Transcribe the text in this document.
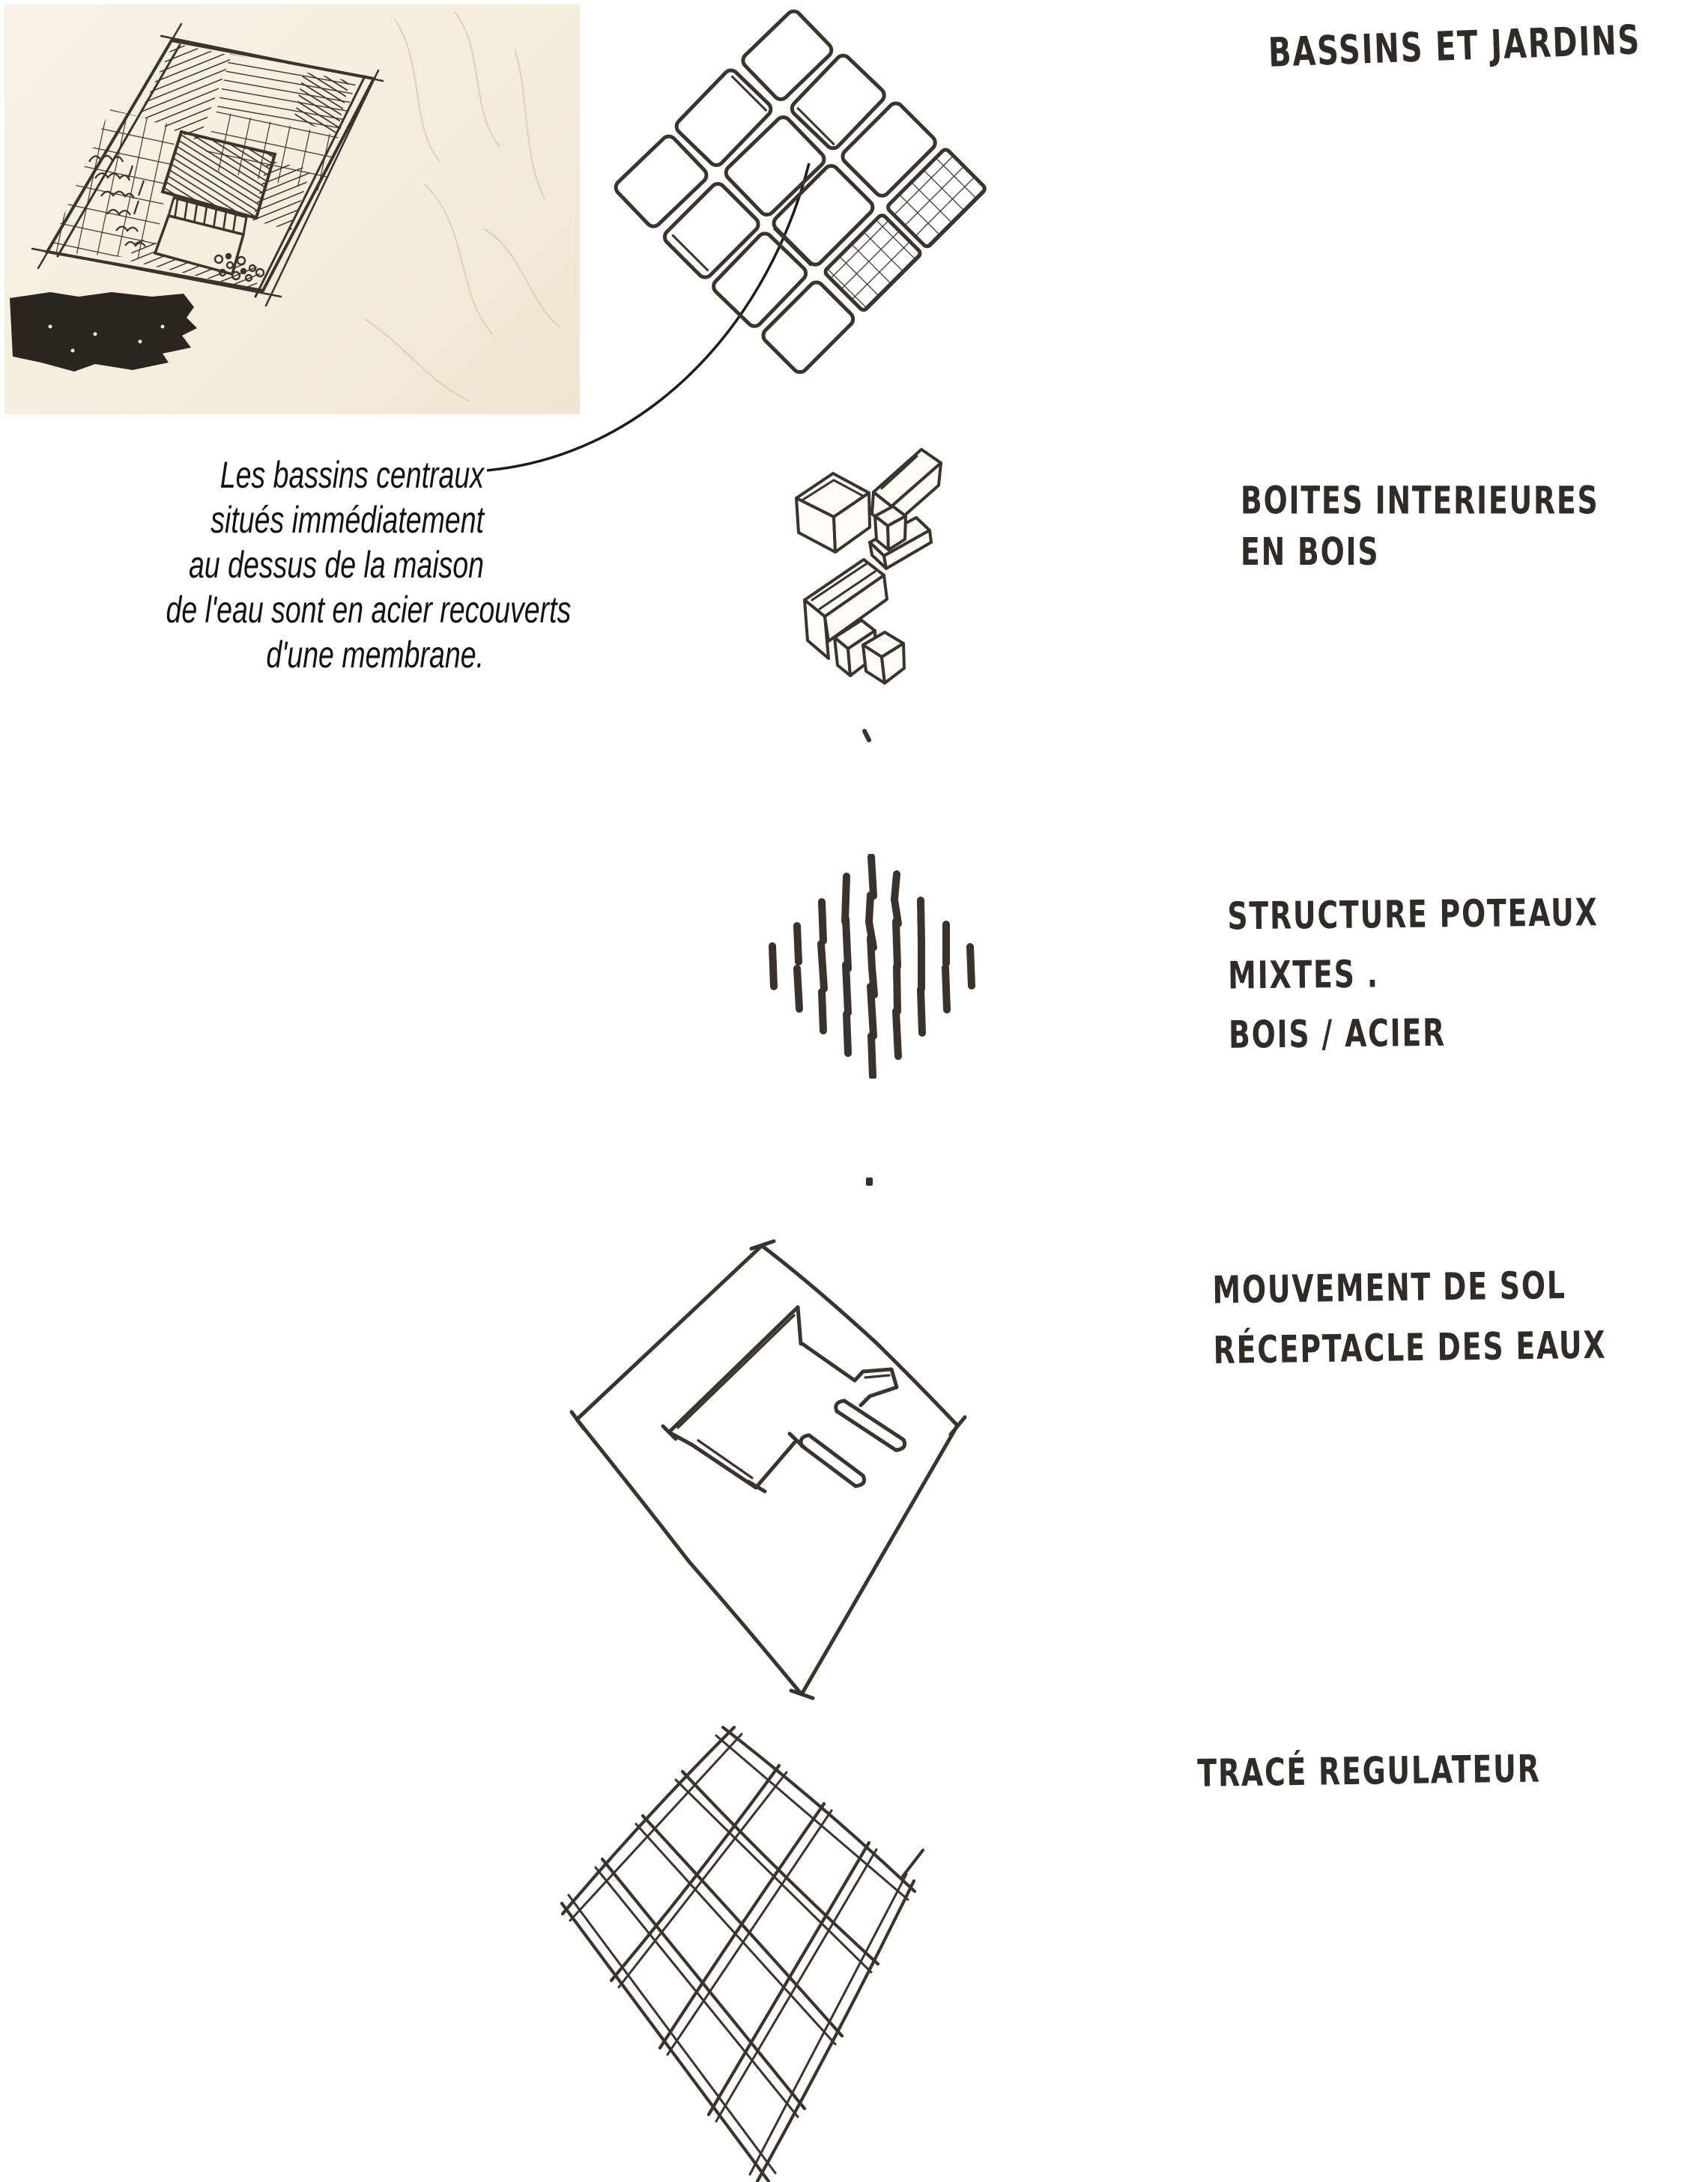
Les bassins centraux
situés immédiatement
au dessus de la maison
de l'eau sont en acier recouverts
d'une membrane.
BASSINS ET JARDINS
BOITES INTERIEURES
EN BOIS
STRUCTURE POTEAUX
MIXTES .
BOIS / ACIER
MOUVEMENT DE SOL
RÉCEPTACLE DES EAUX
TRACÉ REGULATEUR
